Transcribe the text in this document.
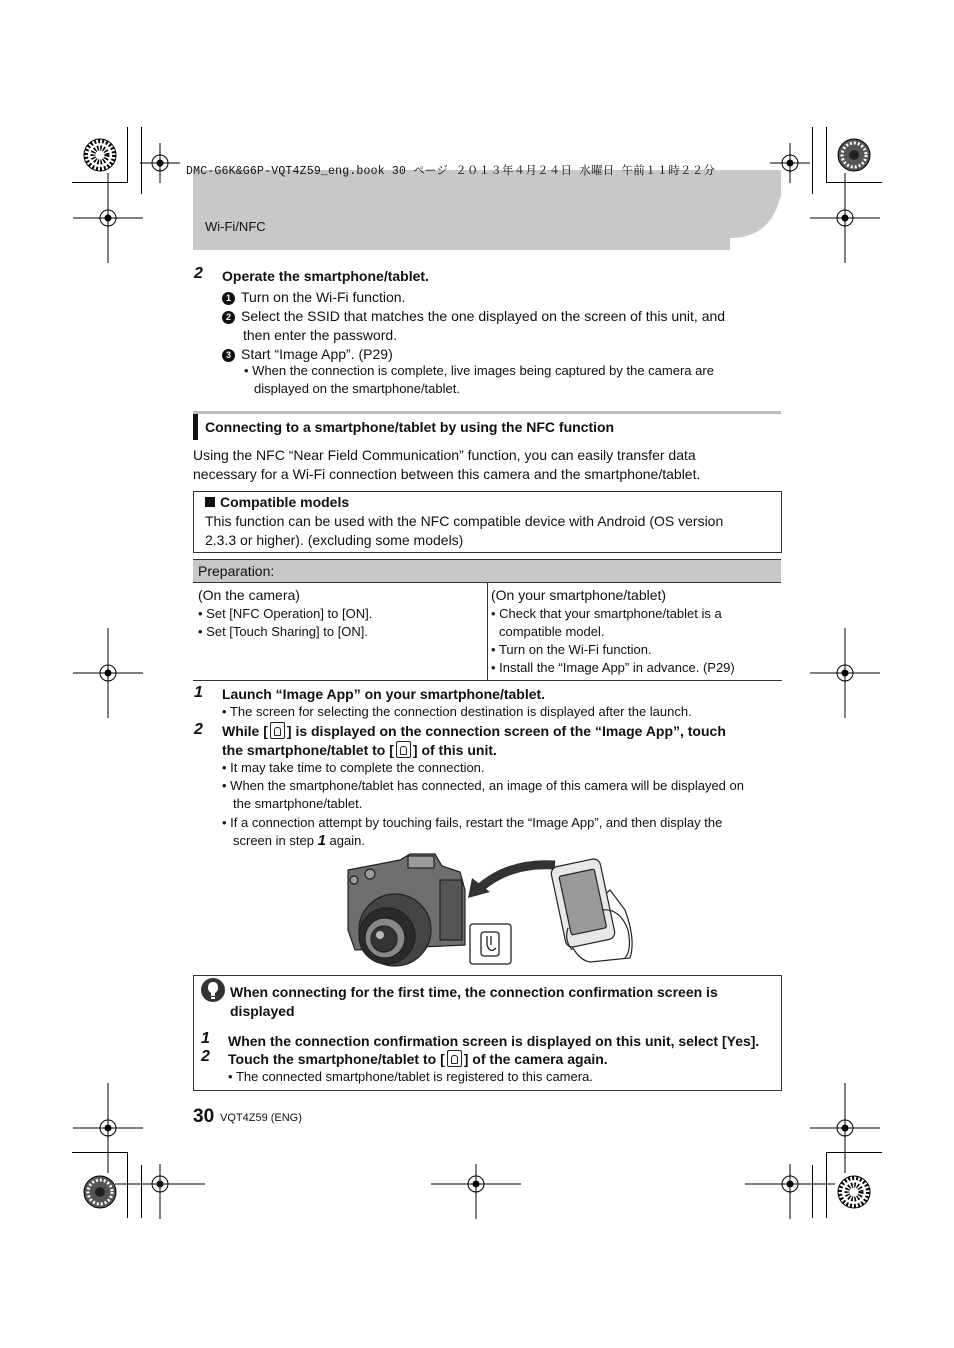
DMC-G6K&G6P-VQT4Z59_eng.book 30 ページ ２０１３年４月２４日 水曜日 午前１１時２２分
Wi-Fi/NFC
2 Operate the smartphone/tablet.
1 Turn on the Wi-Fi function.
2 Select the SSID that matches the one displayed on the screen of this unit, and
then enter the password.
3 Start “Image App”. (P29)
• When the connection is complete, live images being captured by the camera are
displayed on the smartphone/tablet.
Connecting to a smartphone/tablet by using the NFC function
Using the NFC “Near Field Communication” function, you can easily transfer data
necessary for a Wi-Fi connection between this camera and the smartphone/tablet.
Compatible models
This function can be used with the NFC compatible device with Android (OS version
2.3.3 or higher). (excluding some models)
Preparation:
(On the camera)
• Set [NFC Operation] to [ON].
• Set [Touch Sharing] to [ON].
(On your smartphone/tablet)
• Check that your smartphone/tablet is a
compatible model.
• Turn on the Wi-Fi function.
• Install the “Image App” in advance. (P29)
1 Launch “Image App” on your smartphone/tablet.
• The screen for selecting the connection destination is displayed after the launch.
2 While [ ] is displayed on the connection screen of the “Image App”, touch
the smartphone/tablet to [ ] of this unit.
• It may take time to complete the connection.
• When the smartphone/tablet has connected, an image of this camera will be displayed on
the smartphone/tablet.
• If a connection attempt by touching fails, restart the “Image App”, and then display the
screen in step 1 again.
When connecting for the first time, the connection confirmation screen is
displayed
1 When the connection confirmation screen is displayed on this unit, select [Yes].
2 Touch the smartphone/tablet to [ ] of the camera again.
• The connected smartphone/tablet is registered to this camera.
30 VQT4Z59 (ENG)
